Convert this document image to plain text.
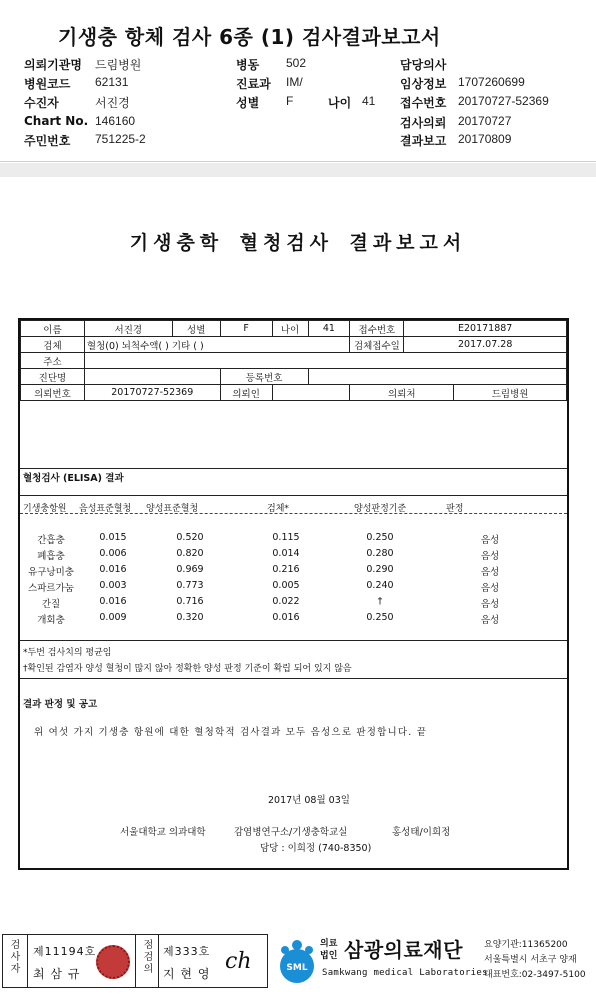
기생충 항체 검사 6종 (1) 검사결과보고서
의뢰기관명 드림병원	병동 502	담당의사
병원코드 62131	진료과 IM/	임상정보 1707260699
수진자	서진경	성별 F	나이 41 접수번호 20170727-52369
Chart No. 146160	검사의뢰 20170727
주민번호 751225-2	결과보고 20170809
기생충학 혈청검사 결과보고서
이름	서진경	성별	F	나이	41	접수번호	E20171887	
검체	혈청(0) 뇌척수액( ) 기타 ( )					검체접수일	2017.07.28	
주소								
진단명			등록번호					
의뢰번호	20170727-52369		의뢰인			의뢰처		드림병원
혈청검사 (ELISA) 결과
기생충항원 음성표준혈청 양성표준혈청	검체*	양성판정기준	판정
간흡충	0.015	0.520	0.115	0.250	음성
폐흡충	0.006	0.820	0.014	0.280	음성
유구낭미충	0.016	0.969	0.216	0.290	음성
스파르가눔	0.003	0.773	0.005	0.240	음성
간질	0.016	0.716	0.022	†	음성
개회충	0.009	0.320	0.016	0.250	음성
*두번 검사치의 평균임
†확인된 감염자 양성 혈청이 많지 않아 정확한 양성 판정 기준이 확립 되어 있지 않음
결과 판정 및 공고
위 여섯 가지 기생충 항원에 대한 혈청학적 검사결과 모두 음성으로 판정합니다. 끝
2017년 08월 03일
서울대학교 의과대학	감염병연구소/기생충학교실	홍성태/이희정
담당 : 이희정 (740-8350)
검사자 제11194호
최 삼 규	점검의 제333호
지 현 영 ch	SML
의료
법인 삼광의료재단
Samkwang medical Laboratories
요양기관:11365200
서울특별시 서초구 양재
대표번호:02-3497-5100
